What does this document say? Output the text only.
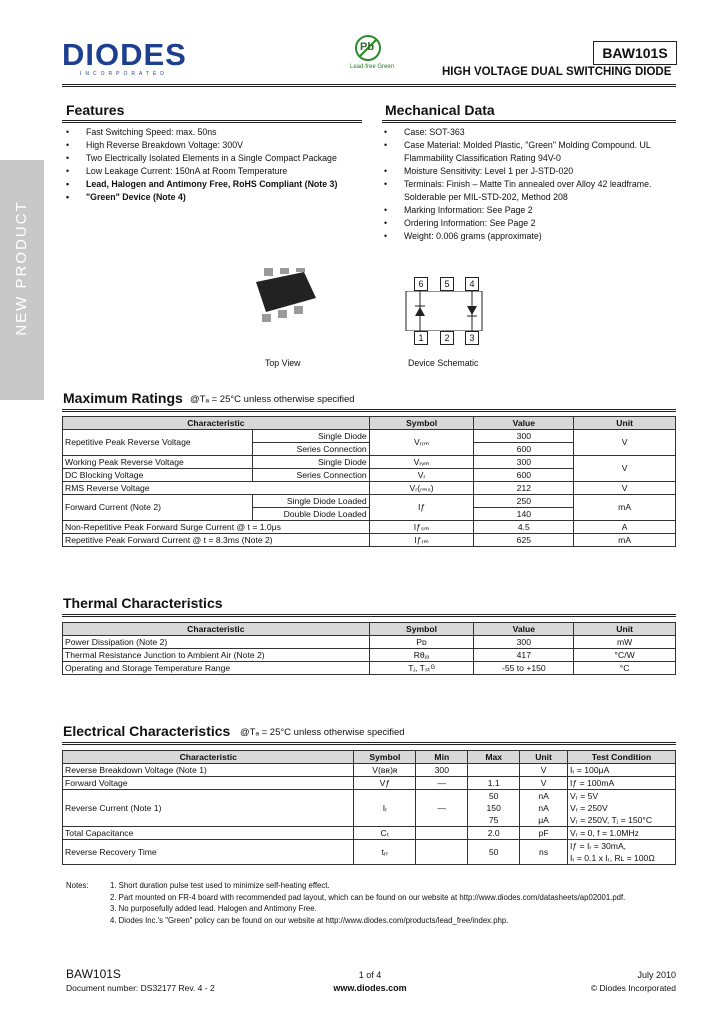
DIODES
INCORPORATED
Pb
Lead-free Green
BAW101S
HIGH VOLTAGE DUAL SWITCHING DIODE
NEW PRODUCT
Features
• Fast Switching Speed: max. 50ns
• High Reverse Breakdown Voltage: 300V
• Two Electrically Isolated Elements in a Single Compact Package
• Low Leakage Current: 150nA at Room Temperature
• Lead, Halogen and Antimony Free, RoHS Compliant (Note 3)
• "Green" Device (Note 4)
Mechanical Data
• Case: SOT-363
• Case Material: Molded Plastic, "Green" Molding Compound. UL Flammability Classification Rating 94V-0
• Moisture Sensitivity: Level 1 per J-STD-020
• Terminals: Finish – Matte Tin annealed over Alloy 42 leadframe. Solderable per MIL-STD-202, Method 208
• Marking Information: See Page 2
• Ordering Information: See Page 2
• Weight: 0.006 grams (approximate)
Top View
6	5	4
1	2	3
Device Schematic
Maximum Ratings @Tₐ = 25°C unless otherwise specified
Characteristic		Symbol	Value	Unit
Repetitive Peak Reverse Voltage	Single Diode	Vᵣᵣₘ	300	V
	Series Connection		600	
Working Peak Reverse Voltage	Single Diode	Vᵣᵥₘ	300	V
DC Blocking Voltage	Series Connection	Vᵣ	600	
RMS Reverse Voltage		Vᵣ(ᵣₘₛ)	212	V
Forward Current (Note 2)	Single Diode Loaded	Iƒ	250	mA
	Double Diode Loaded		140	
Non-Repetitive Peak Forward Surge Current @ t = 1.0μs		Iƒₛₘ	4.5	A
Repetitive Peak Forward Current @ t = 8.3ms (Note 2)		Iƒᵣₘ	625	mA
Thermal Characteristics
Characteristic	Symbol	Value	Unit
Power Dissipation (Note 2)	Pᴅ	300	mW
Thermal Resistance Junction to Ambient Air (Note 2)	Rθⱼₐ	417	°C/W
Operating and Storage Temperature Range	Tⱼ, Tₛₜᴳ	-55 to +150	°C
Electrical Characteristics @Tₐ = 25°C unless otherwise specified
Characteristic	Symbol	Min	Max	Unit	Test Condition
Reverse Breakdown Voltage (Note 1)	V(ʙʀ)ʀ	300		V	Iᵣ = 100μA
Forward Voltage	Vƒ	—	1.1	V	Iƒ = 100mA
Reverse Current (Note 1)	Iᵣ	—	50	nA	Vᵣ = 5V
			150	nA	Vᵣ = 250V
			75	μA	Vᵣ = 250V, Tⱼ = 150°C
Total Capacitance	Cₜ		2.0	pF	Vᵣ = 0, f = 1.0MHz
Reverse Recovery Time	tᵣᵣ		50	ns	Iƒ = Iᵣ = 30mA,
					Iᵣ = 0.1 x Iᵣ, Rʟ = 100Ω
Notes:	1. Short duration pulse test used to minimize self-heating effect.
2. Part mounted on FR-4 board with recommended pad layout, which can be found on our website at http://www.diodes.com/datasheets/ap02001.pdf.
3. No purposefully added lead. Halogen and Antimony Free.
4. Diodes Inc.'s "Green" policy can be found on our website at http://www.diodes.com/products/lead_free/index.php.
BAW101S
Document number: DS32177 Rev. 4 - 2
1 of 4
www.diodes.com
July 2010
© Diodes Incorporated
